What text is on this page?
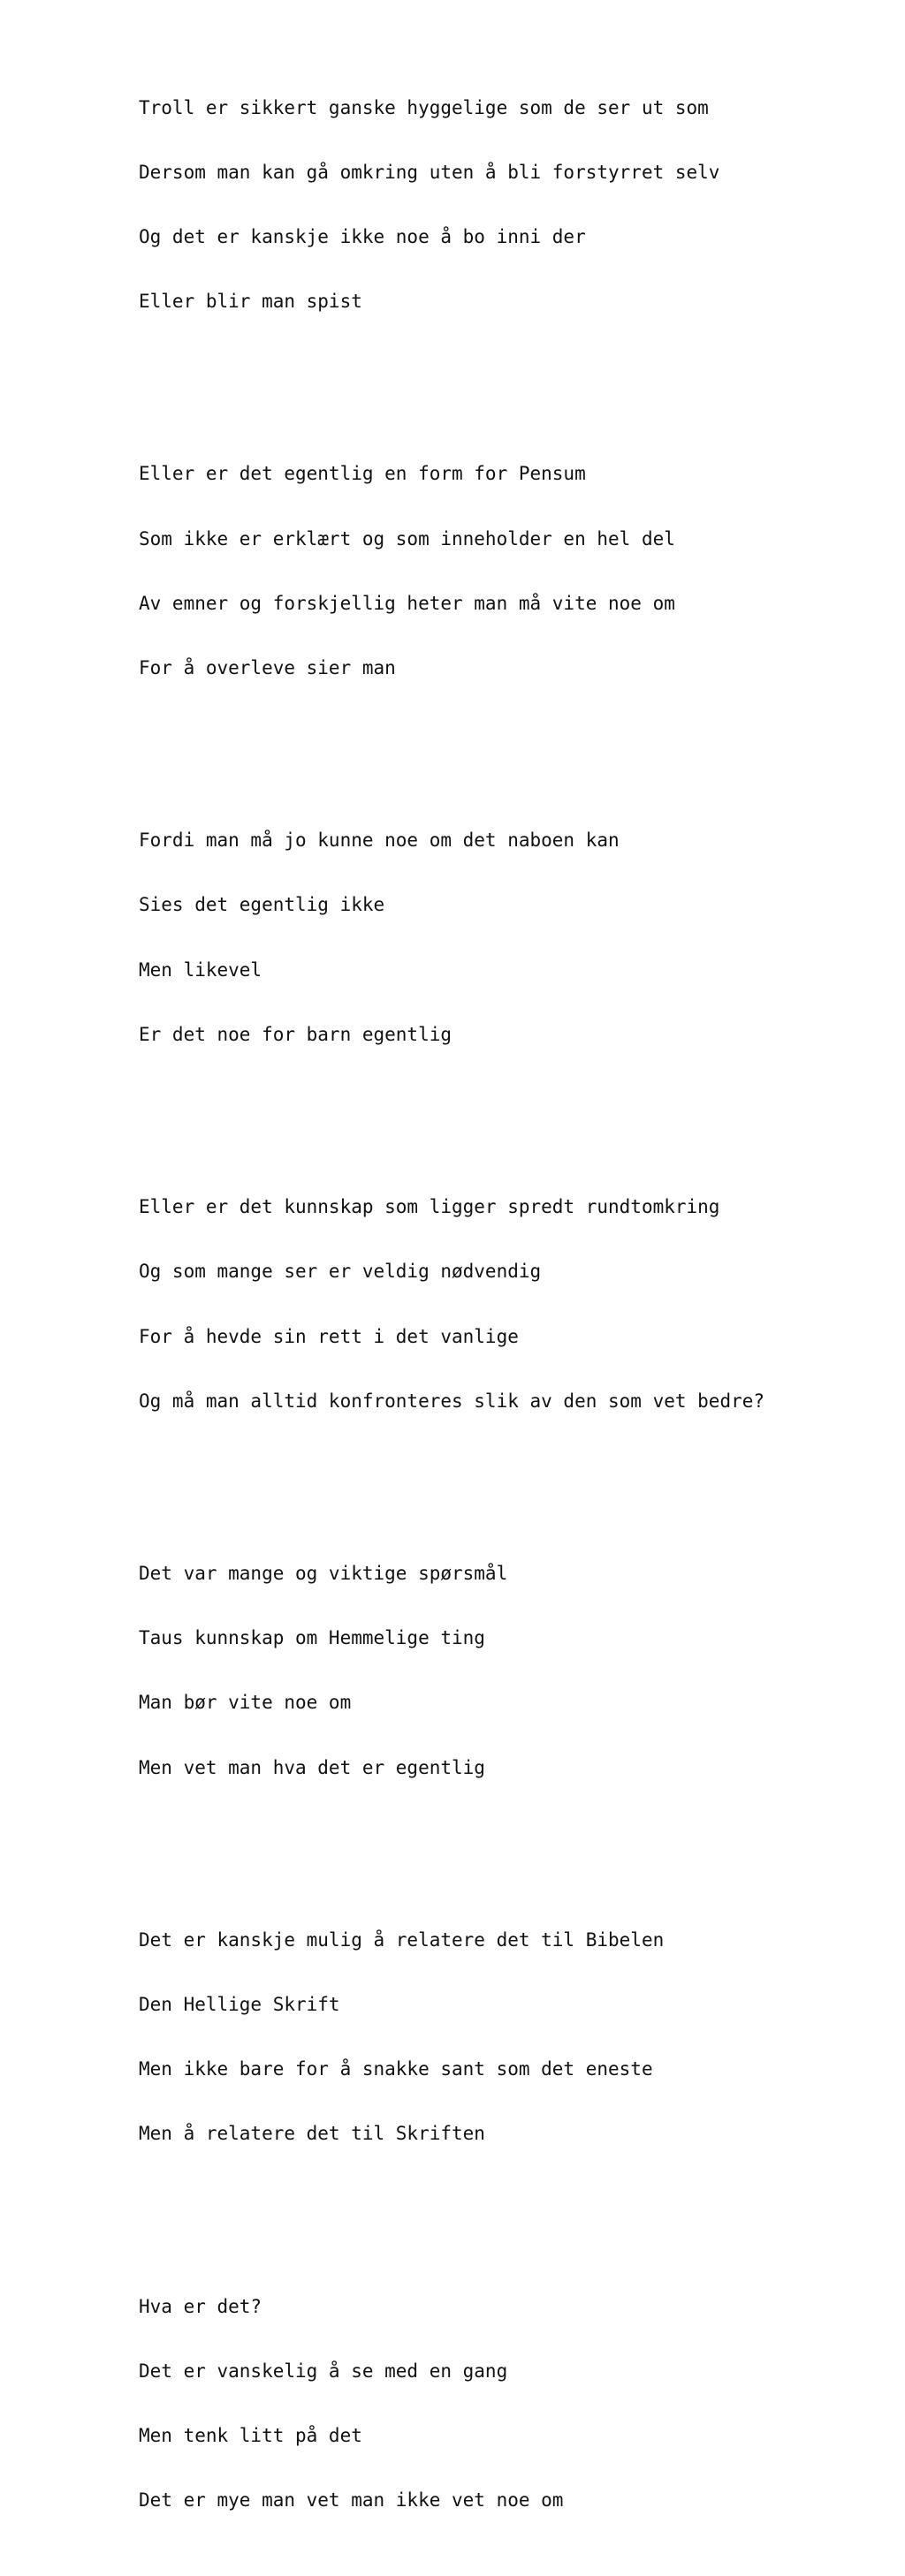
Troll er sikkert ganske hyggelige som de ser ut som

Dersom man kan gå omkring uten å bli forstyrret selv

Og det er kanskje ikke noe å bo inni der

Eller blir man spist

Eller er det egentlig en form for Pensum

Som ikke er erklært og som inneholder en hel del

Av emner og forskjellig heter man må vite noe om

For å overleve sier man

Fordi man må jo kunne noe om det naboen kan

Sies det egentlig ikke

Men likevel

Er det noe for barn egentlig

Eller er det kunnskap som ligger spredt rundtomkring

Og som mange ser er veldig nødvendig

For å hevde sin rett i det vanlige

Og må man alltid konfronteres slik av den som vet bedre?

Det var mange og viktige spørsmål

Taus kunnskap om Hemmelige ting

Man bør vite noe om

Men vet man hva det er egentlig

Det er kanskje mulig å relatere det til Bibelen

Den Hellige Skrift

Men ikke bare for å snakke sant som det eneste

Men å relatere det til Skriften

Hva er det?

Det er vanskelig å se med en gang

Men tenk litt på det

Det er mye man vet man ikke vet noe om
